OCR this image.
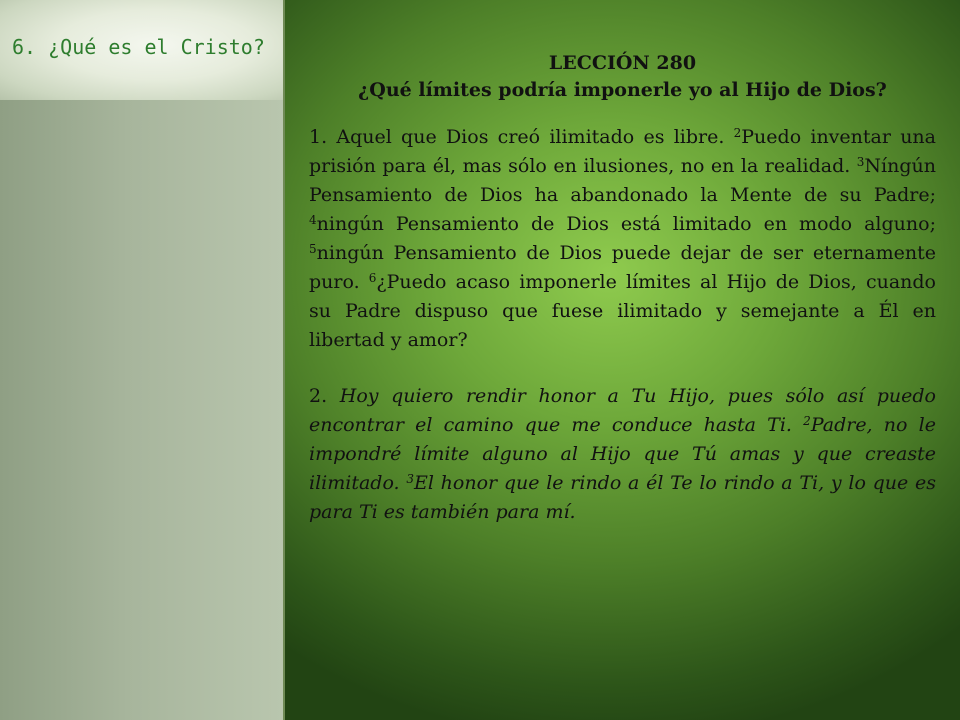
6. ¿Qué es el Cristo?

LECCIÓN 280
¿Qué límites podría imponerle yo al Hijo de Dios?

1. Aquel que Dios creó ilimitado es libre. $^2$Puedo inventar una prisión para él, mas sólo en ilusiones, no en la realidad. $^3$Níngún Pensamiento de Dios ha abandonado la Mente de su Padre; $^4$ningún Pensamiento de Dios está limitado en modo alguno; $^5$ningún Pensamiento de Dios puede dejar de ser eternamente puro. $^6$¿Puedo acaso imponerle límites al Hijo de Dios, cuando su Padre dispuso que fuese ilimitado y semejante a Él en libertad y amor?

2. Hoy quiero rendir honor a Tu Hijo, pues sólo así puedo encontrar el camino que me conduce hasta Ti. $^2$Padre, no le impondré límite alguno al Hijo que Tú amas y que creaste ilimitado. $^3$El honor que le rindo a él Te lo rindo a Ti, y lo que es para Ti es también para mí.
